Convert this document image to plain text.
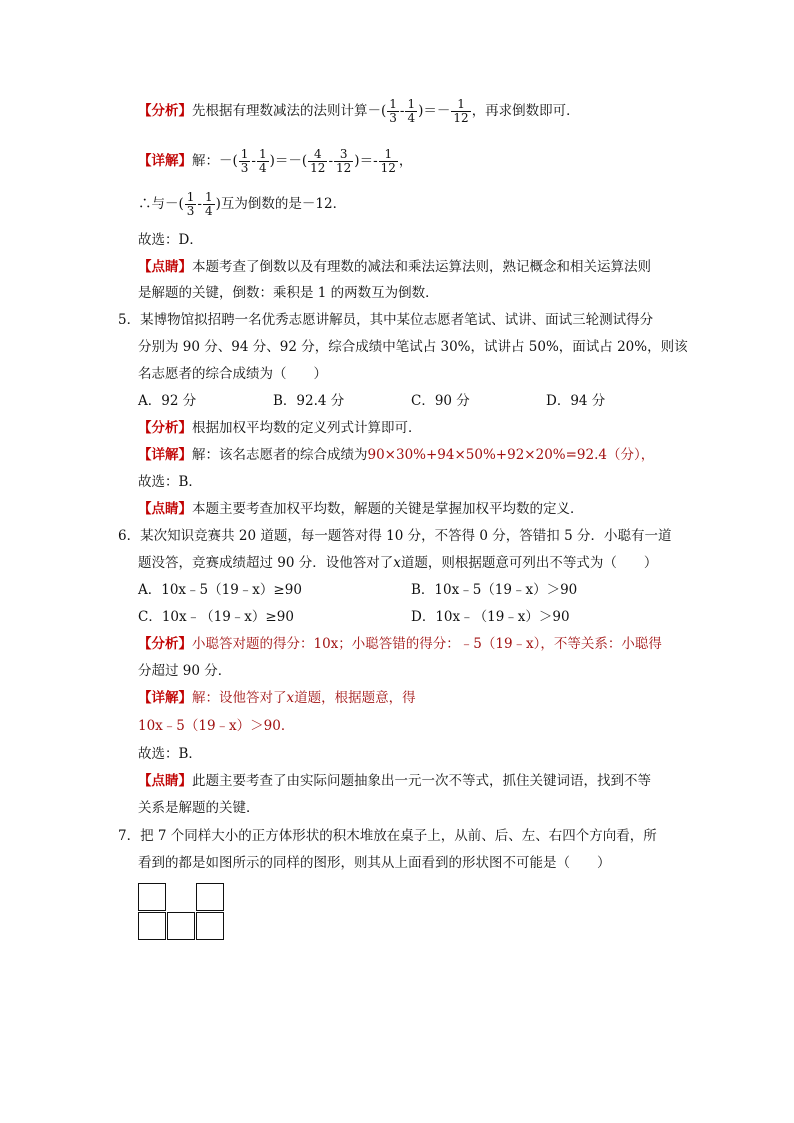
【分析】先根据有理数减法的法则计算－( $\frac{1}{3} - \frac{1}{4}$ )＝－ $\frac{1}{12}$ ，再求倒数即可．
【详解】解：－( $\frac{1}{3} - \frac{1}{4}$ )＝－( $\frac{4}{12} - \frac{3}{12}$ )＝- $\frac{1}{12}$ ，
∴与－( $\frac{1}{3} - \frac{1}{4}$ )互为倒数的是－12．
故选：D．
【点睛】本题考查了倒数以及有理数的减法和乘法运算法则，熟记概念和相关运算法则
是解题的关键，倒数：乘积是 1 的两数互为倒数．
5．某博物馆拟招聘一名优秀志愿讲解员，其中某位志愿者笔试、试讲、面试三轮测试得分
分别为 90 分、94 分、92 分，综合成绩中笔试占 30%，试讲占 50%，面试占 20%，则该
名志愿者的综合成绩为（　　）
A．92 分	B．92.4 分	C．90 分	D．94 分
【分析】根据加权平均数的定义列式计算即可．
【详解】解：该名志愿者的综合成绩为90×30%+94×50%+92×20%=92.4（分），
故选：B．
【点睛】本题主要考查加权平均数，解题的关键是掌握加权平均数的定义．
6．某次知识竞赛共 20 道题，每一题答对得 10 分，不答得 0 分，答错扣 5 分．小聪有一道
题没答，竞赛成绩超过 90 分．设他答对了x道题，则根据题意可列出不等式为（　　）
A．10x﹣5（19﹣x）≥90	B．10x﹣5（19﹣x）＞90
C．10x﹣（19﹣x）≥90	D．10x﹣（19﹣x）＞90
【分析】小聪答对题的得分：10x；小聪答错的得分：﹣5（19﹣x），不等关系：小聪得
分超过 90 分．
【详解】解：设他答对了x道题，根据题意，得
10x﹣5（19﹣x）＞90．
故选：B．
【点睛】此题主要考查了由实际问题抽象出一元一次不等式，抓住关键词语，找到不等
关系是解题的关键．
7．把 7 个同样大小的正方体形状的积木堆放在桌子上，从前、后、左、右四个方向看，所
看到的都是如图所示的同样的图形，则其从上面看到的形状图不可能是（　　）
